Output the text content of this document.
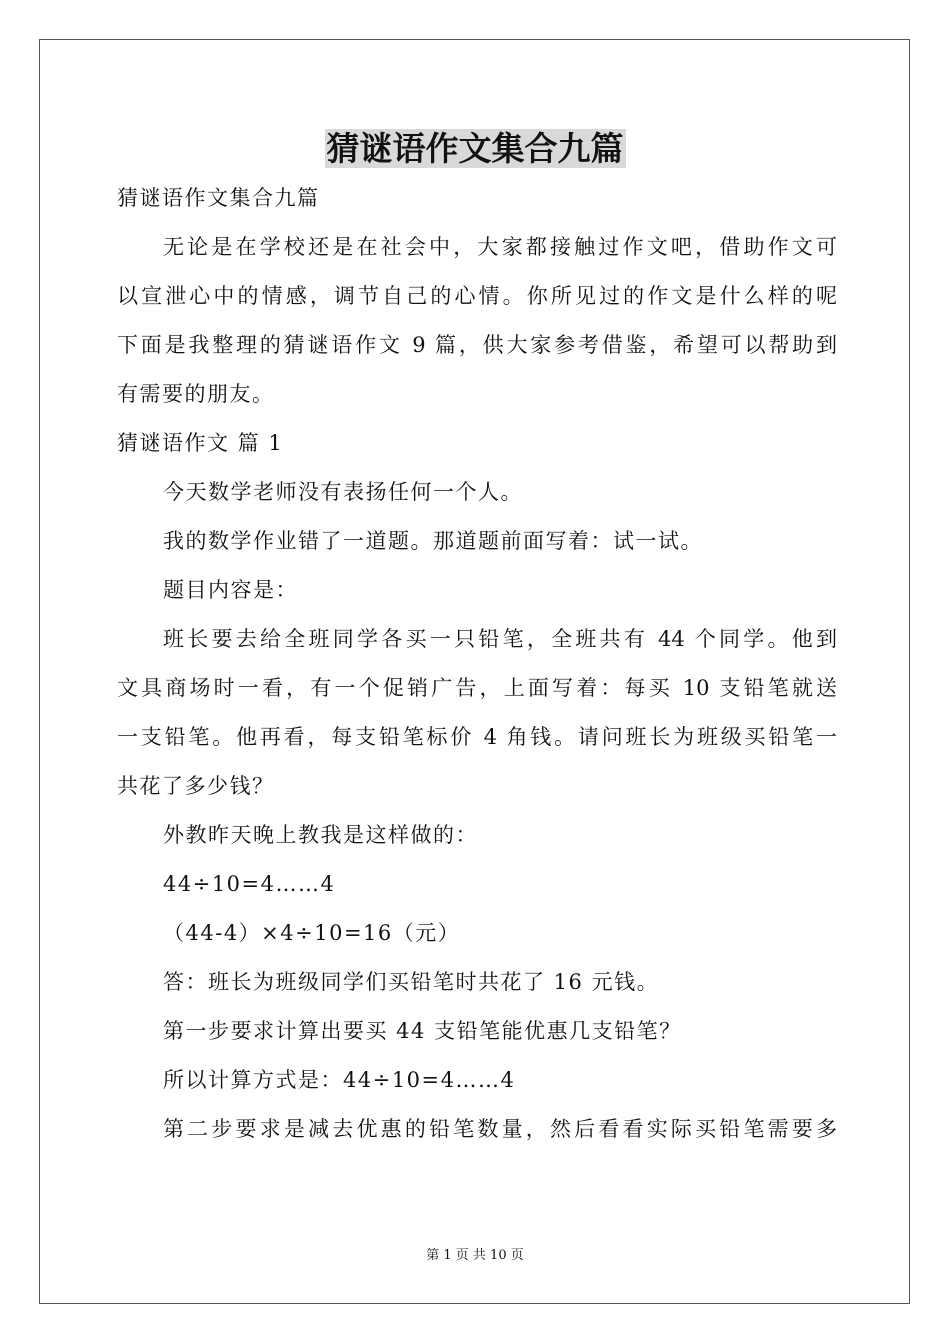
猜谜语作文集合九篇
猜谜语作文集合九篇
无论是在学校还是在社会中，大家都接触过作文吧，借助作文可
以宣泄心中的情感，调节自己的心情。你所见过的作文是什么样的呢
下面是我整理的猜谜语作文 9 篇，供大家参考借鉴，希望可以帮助到
有需要的朋友。
猜谜语作文 篇 1
今天数学老师没有表扬任何一个人。
我的数学作业错了一道题。那道题前面写着：试一试。
题目内容是：
班长要去给全班同学各买一只铅笔，全班共有 44 个同学。他到
文具商场时一看，有一个促销广告，上面写着：每买 10 支铅笔就送
一支铅笔。他再看，每支铅笔标价 4 角钱。请问班长为班级买铅笔一
共花了多少钱？
外教昨天晚上教我是这样做的：
44÷10=4……4
（44-4）×4÷10=16（元）
答：班长为班级同学们买铅笔时共花了 16 元钱。
第一步要求计算出要买 44 支铅笔能优惠几支铅笔？
所以计算方式是：44÷10=4……4
第二步要求是减去优惠的铅笔数量，然后看看实际买铅笔需要多
第 1 页 共 10 页
